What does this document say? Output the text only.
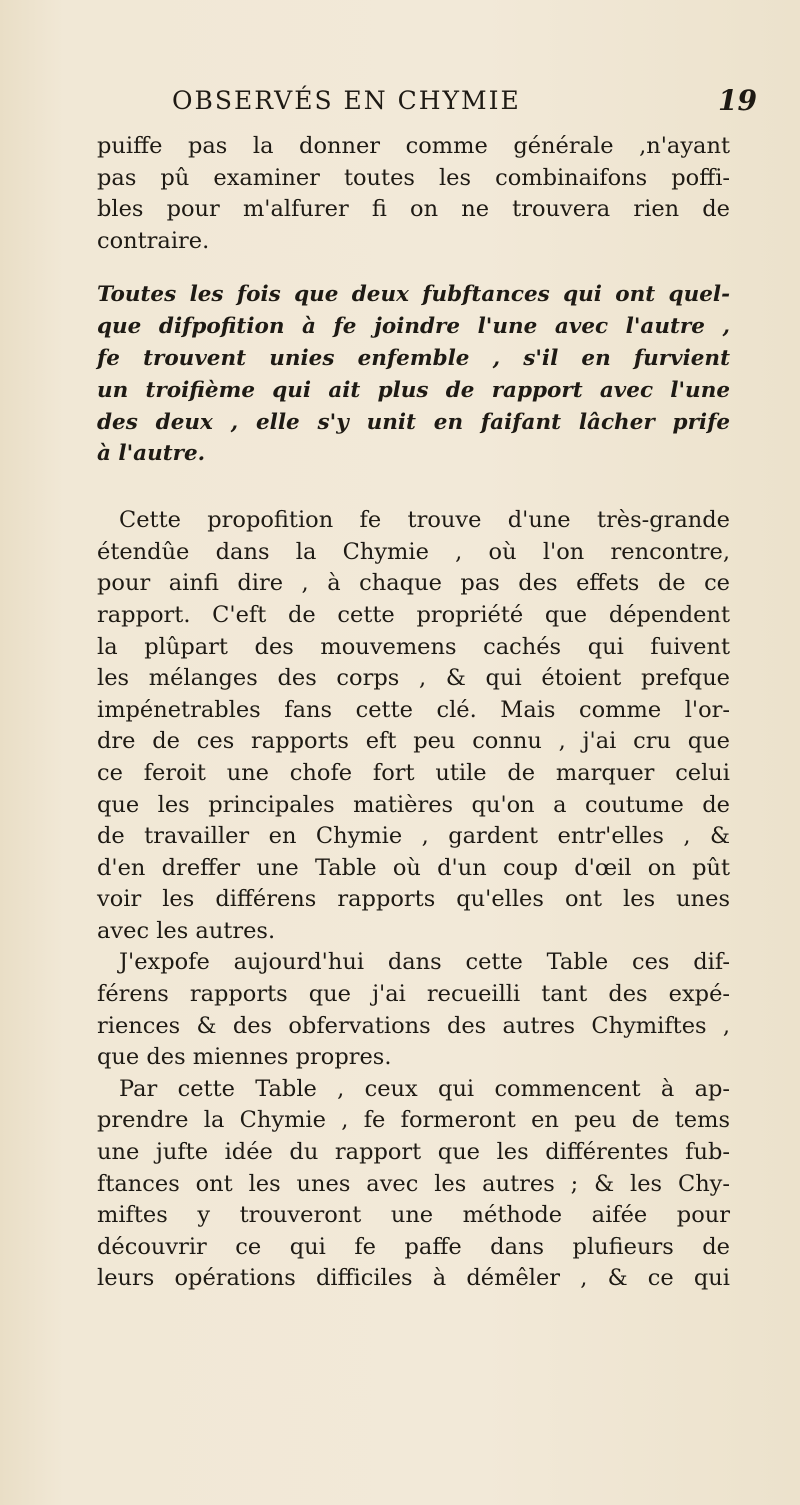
OBSERVÉS EN CHYMIE	19
puiffe pas la donner comme générale ,n'ayant
pas pû examiner toutes les combinaifons poffi-
bles pour m'alfurer fi on ne trouvera rien de
contraire.
Toutes les fois que deux fubftances qui ont quel-
que difpofition à fe joindre l'une avec l'autre ,
fe trouvent unies enfemble , s'il en furvient
un troifième qui ait plus de rapport avec l'une
des deux , elle s'y unit en faifant lâcher prife
à l'autre.
Cette propofition fe trouve d'une très-grande
étendûe dans la Chymie , où l'on rencontre,
pour ainfi dire , à chaque pas des effets de ce
rapport. C'eft de cette propriété que dépendent
la plûpart des mouvemens cachés qui fuivent
les mélanges des corps , & qui étoient prefque
impénetrables fans cette clé. Mais comme l'or-
dre de ces rapports eft peu connu , j'ai cru que
ce feroit une chofe fort utile de marquer celui
que les principales matières qu'on a coutume de
de travailler en Chymie , gardent entr'elles , &
d'en dreffer une Table où d'un coup d'œil on pût
voir les différens rapports qu'elles ont les unes
avec les autres.
J'expofe aujourd'hui dans cette Table ces dif-
férens rapports que j'ai recueilli tant des expé-
riences & des obfervations des autres Chymiftes ,
que des miennes propres.
Par cette Table , ceux qui commencent à ap-
prendre la Chymie , fe formeront en peu de tems
une jufte idée du rapport que les différentes fub-
ftances ont les unes avec les autres ; & les Chy-
miftes y trouveront une méthode aifée pour
découvrir ce qui fe paffe dans plufieurs de
leurs opérations difficiles à démêler , & ce qui
